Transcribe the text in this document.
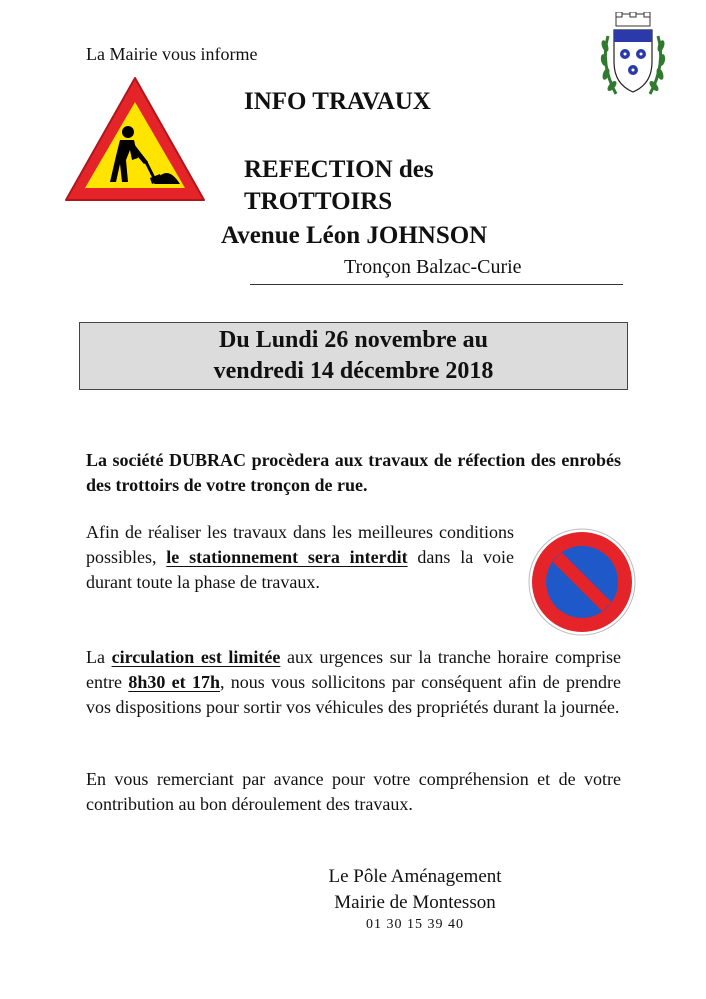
La Mairie vous informe
INFO TRAVAUX
REFECTION des
TROTTOIRS
Avenue Léon JOHNSON
Tronçon Balzac-Curie
Du Lundi 26 novembre au
vendredi 14 décembre 2018
La société DUBRAC procèdera aux travaux de réfection des enrobés des trottoirs de votre tronçon de rue.
Afin de réaliser les travaux dans les meilleures conditions possibles, le stationnement sera interdit dans la voie durant toute la phase de travaux.
La circulation est limitée aux urgences sur la tranche horaire comprise entre 8h30 et 17h, nous vous sollicitons par conséquent afin de prendre vos dispositions pour sortir vos véhicules des propriétés durant la journée.
En vous remerciant par avance pour votre compréhension et de votre contribution au bon déroulement des travaux.
Le Pôle Aménagement
Mairie de Montesson
01 30 15 39 40
